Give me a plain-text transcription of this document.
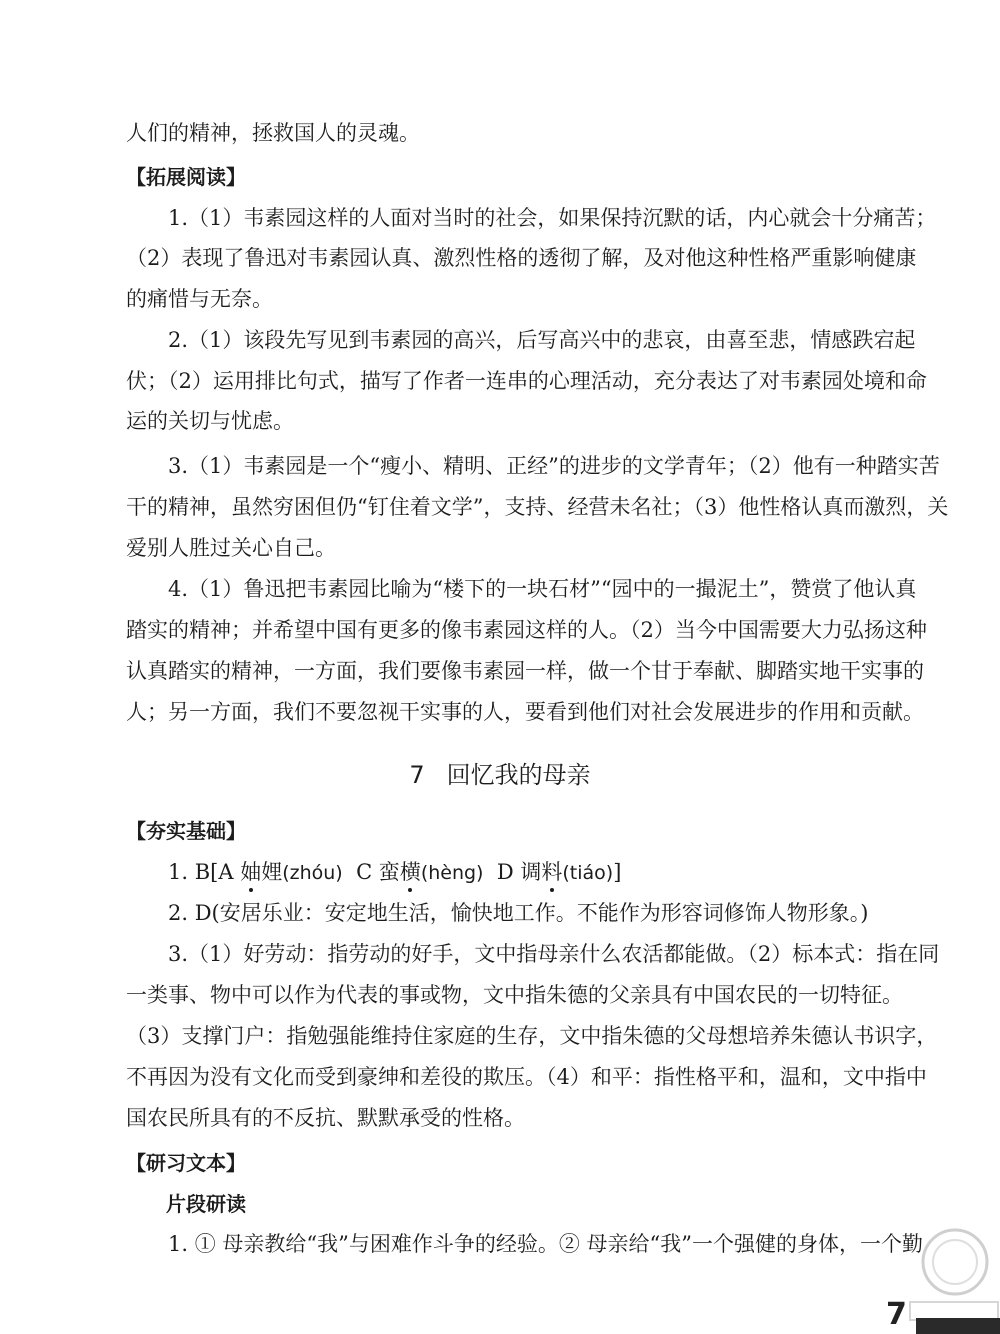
人们的精神，拯救国人的灵魂。
【拓展阅读】
1.（1）韦素园这样的人面对当时的社会，如果保持沉默的话，内心就会十分痛苦；
（2）表现了鲁迅对韦素园认真、激烈性格的透彻了解，及对他这种性格严重影响健康
的痛惜与无奈。
2.（1）该段先写见到韦素园的高兴，后写高兴中的悲哀，由喜至悲，情感跌宕起
伏；（2）运用排比句式，描写了作者一连串的心理活动，充分表达了对韦素园处境和命
运的关切与忧虑。
3.（1）韦素园是一个“瘦小、精明、正经”的进步的文学青年；（2）他有一种踏实苦
干的精神，虽然穷困但仍“钉住着文学”，支持、经营未名社；（3）他性格认真而激烈，关
爱别人胜过关心自己。
4.（1）鲁迅把韦素园比喻为“楼下的一块石材”“园中的一撮泥土”，赞赏了他认真
踏实的精神；并希望中国有更多的像韦素园这样的人。（2）当今中国需要大力弘扬这种
认真踏实的精神，一方面，我们要像韦素园一样，做一个甘于奉献、脚踏实地干实事的
人；另一方面，我们不要忽视干实事的人，要看到他们对社会发展进步的作用和贡献。
7 回忆我的母亲
【夯实基础】
1. B[A 妯娌(zhóu) C 蛮横(hèng) D 调料(tiáo)]
2. D(安居乐业：安定地生活，愉快地工作。不能作为形容词修饰人物形象。)
3.（1）好劳动：指劳动的好手，文中指母亲什么农活都能做。（2）标本式：指在同
一类事、物中可以作为代表的事或物，文中指朱德的父亲具有中国农民的一切特征。
（3）支撑门户：指勉强能维持住家庭的生存，文中指朱德的父母想培养朱德认书识字，
不再因为没有文化而受到豪绅和差役的欺压。（4）和平：指性格平和，温和，文中指中
国农民所具有的不反抗、默默承受的性格。
【研习文本】
片段研读
1. ① 母亲教给“我”与困难作斗争的经验。② 母亲给“我”一个强健的身体，一个勤
7
